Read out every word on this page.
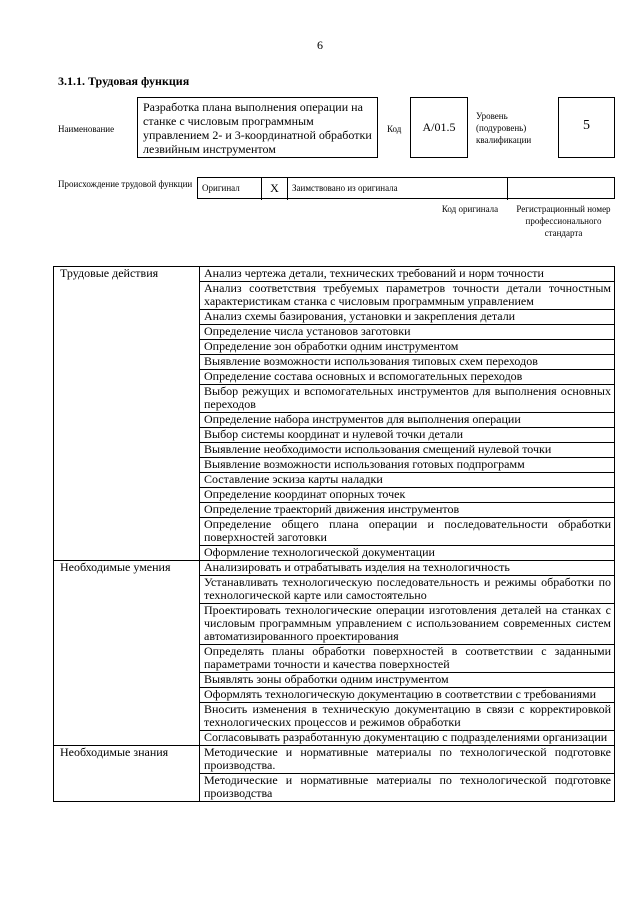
6
3.1.1. Трудовая функция
Наименование
Разработка плана выполнения операции на станке с числовым программным управлением 2- и 3-координатной обработки лезвийным инструментом
Код	A/01.5
Уровень (подуровень) квалификации
5
Происхождение трудовой функции	Оригинал	X	Заимствовано из оригинала
Код оригинала	Регистрационный номер профессионального стандарта
Трудовые действия	Анализ чертежа детали, технических требований и норм точности
	Анализ соответствия требуемых параметров точности детали точностным характеристикам станка с числовым программным управлением
	Анализ схемы базирования, установки и закрепления детали
	Определение числа установов заготовки
	Определение зон обработки одним инструментом
	Выявление возможности использования типовых схем переходов
	Определение состава основных и вспомогательных переходов
	Выбор режущих и вспомогательных инструментов для выполнения основных переходов
	Определение набора инструментов для выполнения операции
	Выбор системы координат и нулевой точки детали
	Выявление необходимости использования смещений нулевой точки
	Выявление возможности использования готовых подпрограмм
	Составление эскиза карты наладки
	Определение координат опорных точек
	Определение траекторий движения инструментов
	Определение общего плана операции и последовательности обработки поверхностей заготовки
	Оформление технологической документации
Необходимые умения	Анализировать и отрабатывать изделия на технологичность
	Устанавливать технологическую последовательность и режимы обработки по технологической карте или самостоятельно
	Проектировать технологические операции изготовления деталей на станках с числовым программным управлением с использованием современных систем автоматизированного проектирования
	Определять планы обработки поверхностей в соответствии с заданными параметрами точности и качества поверхностей
	Выявлять зоны обработки одним инструментом
	Оформлять технологическую документацию в соответствии с требованиями
	Вносить изменения в техническую документацию в связи с корректировкой технологических процессов и режимов обработки
	Согласовывать разработанную документацию с подразделениями организации
Необходимые знания	Методические и нормативные материалы по технологической подготовке производства.
	Методические и нормативные материалы по технологической подготовке производства
